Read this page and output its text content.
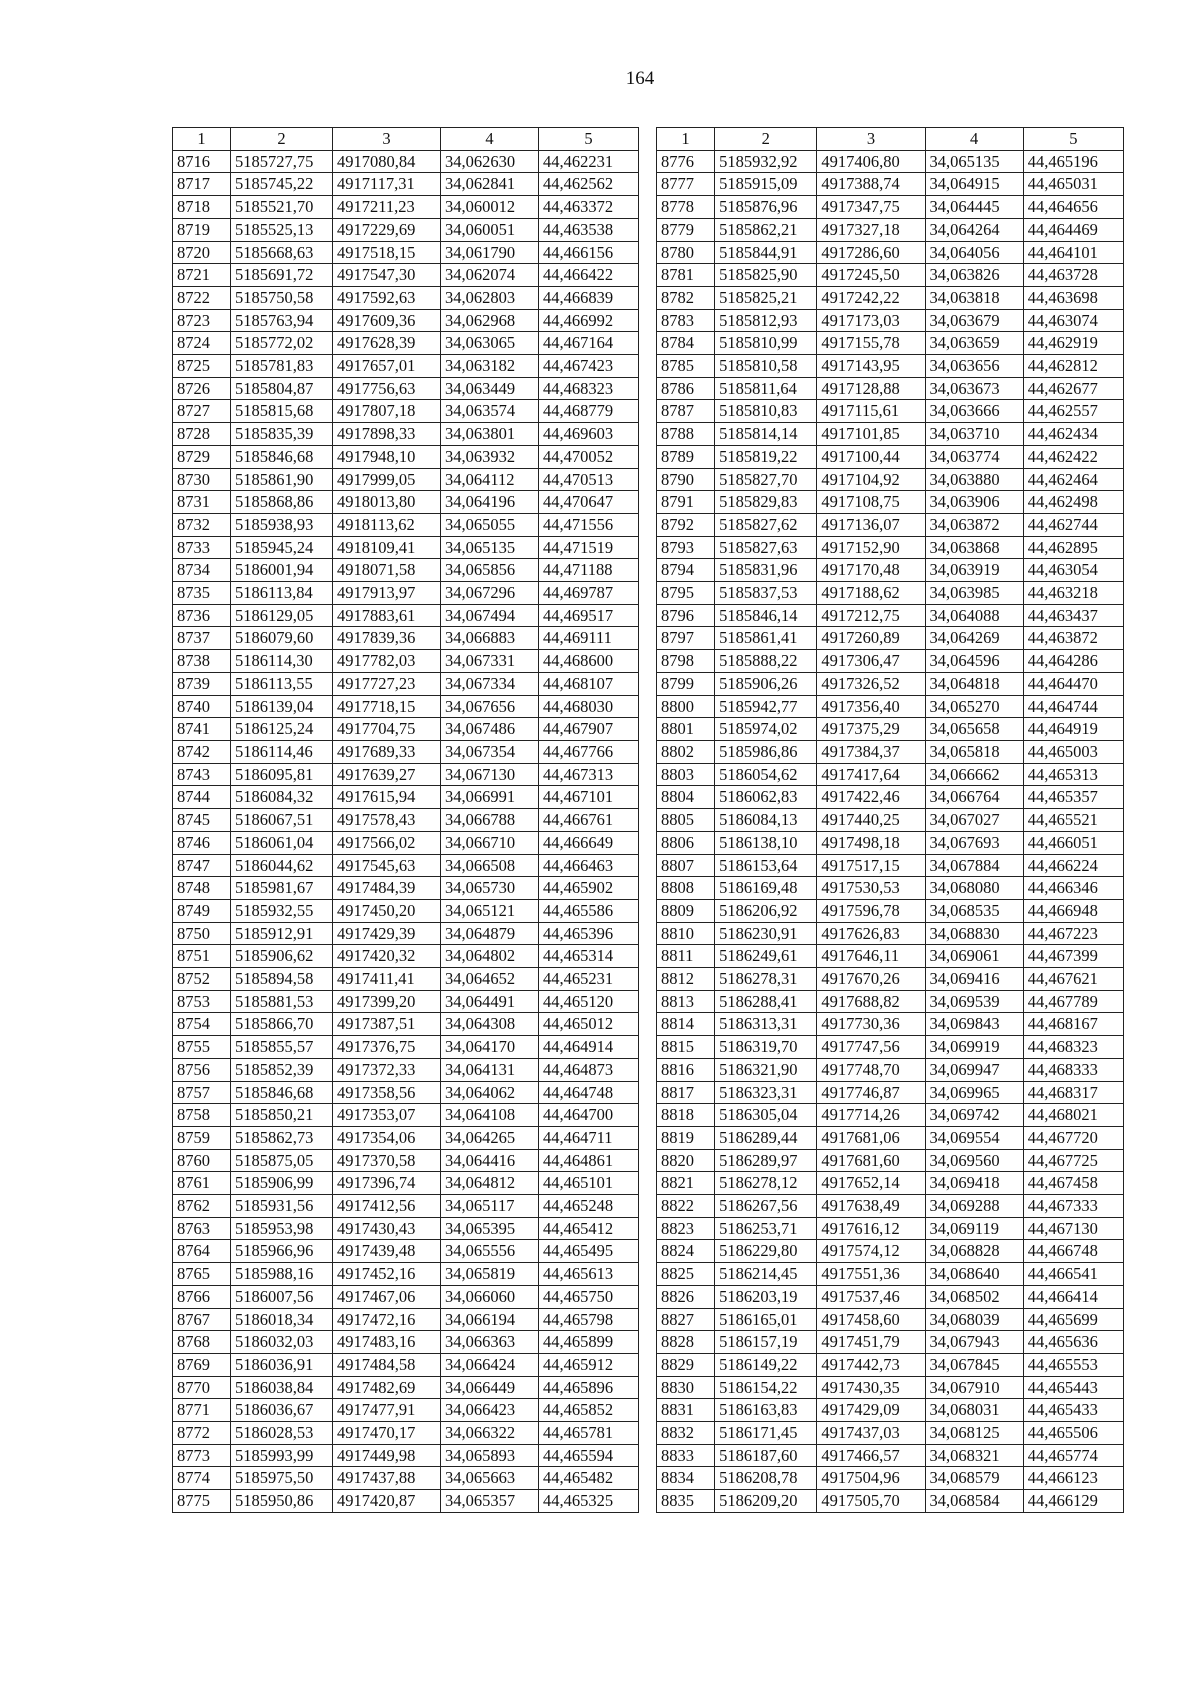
164
1	2	3	4	5
8716	5185727,75	4917080,84	34,062630	44,462231
8717	5185745,22	4917117,31	34,062841	44,462562
8718	5185521,70	4917211,23	34,060012	44,463372
8719	5185525,13	4917229,69	34,060051	44,463538
8720	5185668,63	4917518,15	34,061790	44,466156
8721	5185691,72	4917547,30	34,062074	44,466422
8722	5185750,58	4917592,63	34,062803	44,466839
8723	5185763,94	4917609,36	34,062968	44,466992
8724	5185772,02	4917628,39	34,063065	44,467164
8725	5185781,83	4917657,01	34,063182	44,467423
8726	5185804,87	4917756,63	34,063449	44,468323
8727	5185815,68	4917807,18	34,063574	44,468779
8728	5185835,39	4917898,33	34,063801	44,469603
8729	5185846,68	4917948,10	34,063932	44,470052
8730	5185861,90	4917999,05	34,064112	44,470513
8731	5185868,86	4918013,80	34,064196	44,470647
8732	5185938,93	4918113,62	34,065055	44,471556
8733	5185945,24	4918109,41	34,065135	44,471519
8734	5186001,94	4918071,58	34,065856	44,471188
8735	5186113,84	4917913,97	34,067296	44,469787
8736	5186129,05	4917883,61	34,067494	44,469517
8737	5186079,60	4917839,36	34,066883	44,469111
8738	5186114,30	4917782,03	34,067331	44,468600
8739	5186113,55	4917727,23	34,067334	44,468107
8740	5186139,04	4917718,15	34,067656	44,468030
8741	5186125,24	4917704,75	34,067486	44,467907
8742	5186114,46	4917689,33	34,067354	44,467766
8743	5186095,81	4917639,27	34,067130	44,467313
8744	5186084,32	4917615,94	34,066991	44,467101
8745	5186067,51	4917578,43	34,066788	44,466761
8746	5186061,04	4917566,02	34,066710	44,466649
8747	5186044,62	4917545,63	34,066508	44,466463
8748	5185981,67	4917484,39	34,065730	44,465902
8749	5185932,55	4917450,20	34,065121	44,465586
8750	5185912,91	4917429,39	34,064879	44,465396
8751	5185906,62	4917420,32	34,064802	44,465314
8752	5185894,58	4917411,41	34,064652	44,465231
8753	5185881,53	4917399,20	34,064491	44,465120
8754	5185866,70	4917387,51	34,064308	44,465012
8755	5185855,57	4917376,75	34,064170	44,464914
8756	5185852,39	4917372,33	34,064131	44,464873
8757	5185846,68	4917358,56	34,064062	44,464748
8758	5185850,21	4917353,07	34,064108	44,464700
8759	5185862,73	4917354,06	34,064265	44,464711
8760	5185875,05	4917370,58	34,064416	44,464861
8761	5185906,99	4917396,74	34,064812	44,465101
8762	5185931,56	4917412,56	34,065117	44,465248
8763	5185953,98	4917430,43	34,065395	44,465412
8764	5185966,96	4917439,48	34,065556	44,465495
8765	5185988,16	4917452,16	34,065819	44,465613
8766	5186007,56	4917467,06	34,066060	44,465750
8767	5186018,34	4917472,16	34,066194	44,465798
8768	5186032,03	4917483,16	34,066363	44,465899
8769	5186036,91	4917484,58	34,066424	44,465912
8770	5186038,84	4917482,69	34,066449	44,465896
8771	5186036,67	4917477,91	34,066423	44,465852
8772	5186028,53	4917470,17	34,066322	44,465781
8773	5185993,99	4917449,98	34,065893	44,465594
8774	5185975,50	4917437,88	34,065663	44,465482
8775	5185950,86	4917420,87	34,065357	44,465325
1	2	3	4	5
8776	5185932,92	4917406,80	34,065135	44,465196
8777	5185915,09	4917388,74	34,064915	44,465031
8778	5185876,96	4917347,75	34,064445	44,464656
8779	5185862,21	4917327,18	34,064264	44,464469
8780	5185844,91	4917286,60	34,064056	44,464101
8781	5185825,90	4917245,50	34,063826	44,463728
8782	5185825,21	4917242,22	34,063818	44,463698
8783	5185812,93	4917173,03	34,063679	44,463074
8784	5185810,99	4917155,78	34,063659	44,462919
8785	5185810,58	4917143,95	34,063656	44,462812
8786	5185811,64	4917128,88	34,063673	44,462677
8787	5185810,83	4917115,61	34,063666	44,462557
8788	5185814,14	4917101,85	34,063710	44,462434
8789	5185819,22	4917100,44	34,063774	44,462422
8790	5185827,70	4917104,92	34,063880	44,462464
8791	5185829,83	4917108,75	34,063906	44,462498
8792	5185827,62	4917136,07	34,063872	44,462744
8793	5185827,63	4917152,90	34,063868	44,462895
8794	5185831,96	4917170,48	34,063919	44,463054
8795	5185837,53	4917188,62	34,063985	44,463218
8796	5185846,14	4917212,75	34,064088	44,463437
8797	5185861,41	4917260,89	34,064269	44,463872
8798	5185888,22	4917306,47	34,064596	44,464286
8799	5185906,26	4917326,52	34,064818	44,464470
8800	5185942,77	4917356,40	34,065270	44,464744
8801	5185974,02	4917375,29	34,065658	44,464919
8802	5185986,86	4917384,37	34,065818	44,465003
8803	5186054,62	4917417,64	34,066662	44,465313
8804	5186062,83	4917422,46	34,066764	44,465357
8805	5186084,13	4917440,25	34,067027	44,465521
8806	5186138,10	4917498,18	34,067693	44,466051
8807	5186153,64	4917517,15	34,067884	44,466224
8808	5186169,48	4917530,53	34,068080	44,466346
8809	5186206,92	4917596,78	34,068535	44,466948
8810	5186230,91	4917626,83	34,068830	44,467223
8811	5186249,61	4917646,11	34,069061	44,467399
8812	5186278,31	4917670,26	34,069416	44,467621
8813	5186288,41	4917688,82	34,069539	44,467789
8814	5186313,31	4917730,36	34,069843	44,468167
8815	5186319,70	4917747,56	34,069919	44,468323
8816	5186321,90	4917748,70	34,069947	44,468333
8817	5186323,31	4917746,87	34,069965	44,468317
8818	5186305,04	4917714,26	34,069742	44,468021
8819	5186289,44	4917681,06	34,069554	44,467720
8820	5186289,97	4917681,60	34,069560	44,467725
8821	5186278,12	4917652,14	34,069418	44,467458
8822	5186267,56	4917638,49	34,069288	44,467333
8823	5186253,71	4917616,12	34,069119	44,467130
8824	5186229,80	4917574,12	34,068828	44,466748
8825	5186214,45	4917551,36	34,068640	44,466541
8826	5186203,19	4917537,46	34,068502	44,466414
8827	5186165,01	4917458,60	34,068039	44,465699
8828	5186157,19	4917451,79	34,067943	44,465636
8829	5186149,22	4917442,73	34,067845	44,465553
8830	5186154,22	4917430,35	34,067910	44,465443
8831	5186163,83	4917429,09	34,068031	44,465433
8832	5186171,45	4917437,03	34,068125	44,465506
8833	5186187,60	4917466,57	34,068321	44,465774
8834	5186208,78	4917504,96	34,068579	44,466123
8835	5186209,20	4917505,70	34,068584	44,466129
